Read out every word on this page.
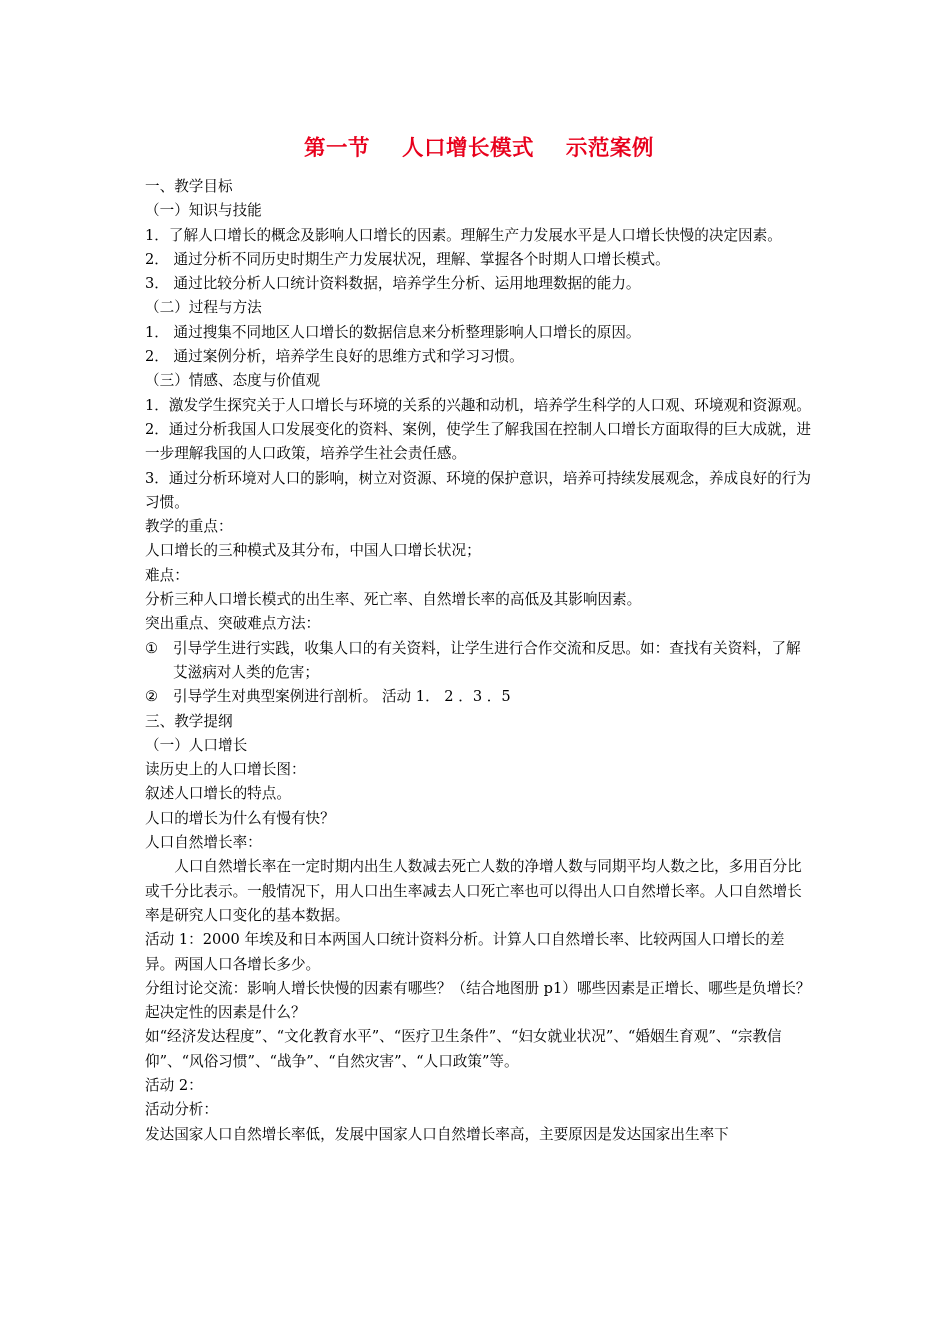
第一节    人口增长模式    示范案例

一、教学目标

（一）知识与技能

1．了解人口增长的概念及影响人口增长的因素。理解生产力发展水平是人口增长快慢的决定因素。

2． 通过分析不同历史时期生产力发展状况，理解、掌握各个时期人口增长模式。

3． 通过比较分析人口统计资料数据，培养学生分析、运用地理数据的能力。

（二）过程与方法

1． 通过搜集不同地区人口增长的数据信息来分析整理影响人口增长的原因。

2． 通过案例分析，培养学生良好的思维方式和学习习惯。

（三）情感、态度与价值观

1．激发学生探究关于人口增长与环境的关系的兴趣和动机，培养学生科学的人口观、环境观和资源观。

2．通过分析我国人口发展变化的资料、案例，使学生了解我国在控制人口增长方面取得的巨大成就，进一步理解我国的人口政策，培养学生社会责任感。

3．通过分析环境对人口的影响，树立对资源、环境的保护意识，培养可持续发展观念，养成良好的行为习惯。

教学的重点：

人口增长的三种模式及其分布，中国人口增长状况；

难点：

分析三种人口增长模式的出生率、死亡率、自然增长率的高低及其影响因素。

突出重点、突破难点方法：

①	引导学生进行实践，收集人口的有关资料，让学生进行合作交流和反思。如：查找有关资料，了解艾滋病对人类的危害；
②	引导学生对典型案例进行剖析。 活动 1． 2 ．3 ．5

三、教学提纲

（一）人口增长

读历史上的人口增长图：

叙述人口增长的特点。

人口的增长为什么有慢有快？

人口自然增长率：

人口自然增长率在一定时期内出生人数减去死亡人数的净增人数与同期平均人数之比，多用百分比或千分比表示。一般情况下，用人口出生率减去人口死亡率也可以得出人口自然增长率。人口自然增长率是研究人口变化的基本数据。

活动 1：2000 年埃及和日本两国人口统计资料分析。计算人口自然增长率、比较两国人口增长的差异。两国人口各增长多少。

分组讨论交流：影响人增长快慢的因素有哪些？（结合地图册 p1）哪些因素是正增长、哪些是负增长？起决定性的因素是什么？

如“经济发达程度”、“文化教育水平”、“医疗卫生条件”、“妇女就业状况”、“婚姻生育观”、“宗教信仰”、“风俗习惯”、“战争”、“自然灾害”、“人口政策”等。

活动 2：

活动分析：

发达国家人口自然增长率低，发展中国家人口自然增长率高，主要原因是发达国家出生率下
